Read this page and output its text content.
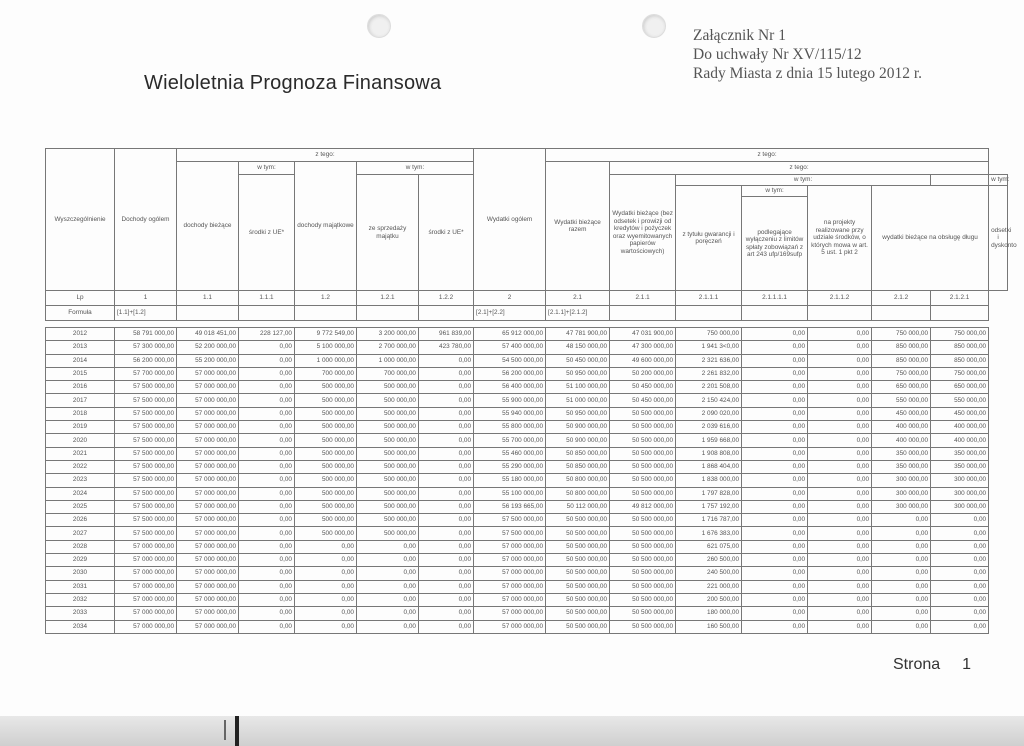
Wieloletnia Prognoza Finansowa
Załącznik Nr 1
Do uchwały Nr XV/115/12
Rady Miasta z dnia 15 lutego 2012 r.
Wyszczególnienie	Dochody ogólem	z tego:					Wydatki ogólem	z tego:							
		dochody bieżące	w tym:	dochody majątkowe	w tym:			Wydatki bieżące razem	z tego:						
			środki z UE*		ze sprzedaży majątku	środki z UE*			Wydatki bieżące (bez odsetek i prowizji od kredytów i pożyczek oraz wyemitowanych papierów wartościowych)	w tym:					w tym:
										z tytułu gwarancji i poręczeń	w tym:	na projekty realizowane przy udziale środków, o których mowa w art. 5 ust. 1 pkt 2	wydatki bieżące na obsługę długu		odsetki i dyskonto
											podlegające wyłączeniu z limitów spłaty zobowiązań z art 243 ufp/169sufp				
Lp	1	1.1	1.1.1	1.2	1.2.1	1.2.2	2	2.1	2.1.1	2.1.1.1	2.1.1.1.1	2.1.1.2	2.1.2	2.1.2.1	
Formuła	[1.1]+[1.2]						[2.1]+[2.2]	[2.1.1]+[2.1.2]							

2012	58 791 000,00	49 018 451,00	228 127,00	9 772 549,00	3 200 000,00	961 839,00	65 912 000,00	47 781 900,00	47 031 900,00	750 000,00	0,00	0,00	750 000,00	750 000,00	
2013	57 300 000,00	52 200 000,00	0,00	5 100 000,00	2 700 000,00	423 780,00	57 400 000,00	48 150 000,00	47 300 000,00	1 941 3<0,00	0,00	0,00	850 000,00	850 000,00	
2014	56 200 000,00	55 200 000,00	0,00	1 000 000,00	1 000 000,00	0,00	54 500 000,00	50 450 000,00	49 600 000,00	2 321 636,00	0,00	0,00	850 000,00	850 000,00	
2015	57 700 000,00	57 000 000,00	0,00	700 000,00	700 000,00	0,00	56 200 000,00	50 950 000,00	50 200 000,00	2 261 832,00	0,00	0,00	750 000,00	750 000,00	
2016	57 500 000,00	57 000 000,00	0,00	500 000,00	500 000,00	0,00	56 400 000,00	51 100 000,00	50 450 000,00	2 201 508,00	0,00	0,00	650 000,00	650 000,00	
2017	57 500 000,00	57 000 000,00	0,00	500 000,00	500 000,00	0,00	55 900 000,00	51 000 000,00	50 450 000,00	2 150 424,00	0,00	0,00	550 000,00	550 000,00	
2018	57 500 000,00	57 000 000,00	0,00	500 000,00	500 000,00	0,00	55 940 000,00	50 950 000,00	50 500 000,00	2 090 020,00	0,00	0,00	450 000,00	450 000,00	
2019	57 500 000,00	57 000 000,00	0,00	500 000,00	500 000,00	0,00	55 800 000,00	50 900 000,00	50 500 000,00	2 039 616,00	0,00	0,00	400 000,00	400 000,00	
2020	57 500 000,00	57 000 000,00	0,00	500 000,00	500 000,00	0,00	55 700 000,00	50 900 000,00	50 500 000,00	1 959 668,00	0,00	0,00	400 000,00	400 000,00	
2021	57 500 000,00	57 000 000,00	0,00	500 000,00	500 000,00	0,00	55 460 000,00	50 850 000,00	50 500 000,00	1 908 808,00	0,00	0,00	350 000,00	350 000,00	
2022	57 500 000,00	57 000 000,00	0,00	500 000,00	500 000,00	0,00	55 290 000,00	50 850 000,00	50 500 000,00	1 868 404,00	0,00	0,00	350 000,00	350 000,00	
2023	57 500 000,00	57 000 000,00	0,00	500 000,00	500 000,00	0,00	55 180 000,00	50 800 000,00	50 500 000,00	1 838 000,00	0,00	0,00	300 000,00	300 000,00	
2024	57 500 000,00	57 000 000,00	0,00	500 000,00	500 000,00	0,00	55 100 000,00	50 800 000,00	50 500 000,00	1 797 828,00	0,00	0,00	300 000,00	300 000,00	
2025	57 500 000,00	57 000 000,00	0,00	500 000,00	500 000,00	0,00	56 193 665,00	50 112 000,00	49 812 000,00	1 757 192,00	0,00	0,00	300 000,00	300 000,00	
2026	57 500 000,00	57 000 000,00	0,00	500 000,00	500 000,00	0,00	57 500 000,00	50 500 000,00	50 500 000,00	1 716 787,00	0,00	0,00	0,00	0,00	
2027	57 500 000,00	57 000 000,00	0,00	500 000,00	500 000,00	0,00	57 500 000,00	50 500 000,00	50 500 000,00	1 676 383,00	0,00	0,00	0,00	0,00	
2028	57 000 000,00	57 000 000,00	0,00	0,00	0,00	0,00	57 000 000,00	50 500 000,00	50 500 000,00	621 075,00	0,00	0,00	0,00	0,00	
2029	57 000 000,00	57 000 000,00	0,00	0,00	0,00	0,00	57 000 000,00	50 500 000,00	50 500 000,00	260 500,00	0,00	0,00	0,00	0,00	
2030	57 000 000,00	57 000 000,00	0,00	0,00	0,00	0,00	57 000 000,00	50 500 000,00	50 500 000,00	240 500,00	0,00	0,00	0,00	0,00	
2031	57 000 000,00	57 000 000,00	0,00	0,00	0,00	0,00	57 000 000,00	50 500 000,00	50 500 000,00	221 000,00	0,00	0,00	0,00	0,00	
2032	57 000 000,00	57 000 000,00	0,00	0,00	0,00	0,00	57 000 000,00	50 500 000,00	50 500 000,00	200 500,00	0,00	0,00	0,00	0,00	
2033	57 000 000,00	57 000 000,00	0,00	0,00	0,00	0,00	57 000 000,00	50 500 000,00	50 500 000,00	180 000,00	0,00	0,00	0,00	0,00	
2034	57 000 000,00	57 000 000,00	0,00	0,00	0,00	0,00	57 000 000,00	50 500 000,00	50 500 000,00	160 500,00	0,00	0,00	0,00	0,00	
Strona 1
